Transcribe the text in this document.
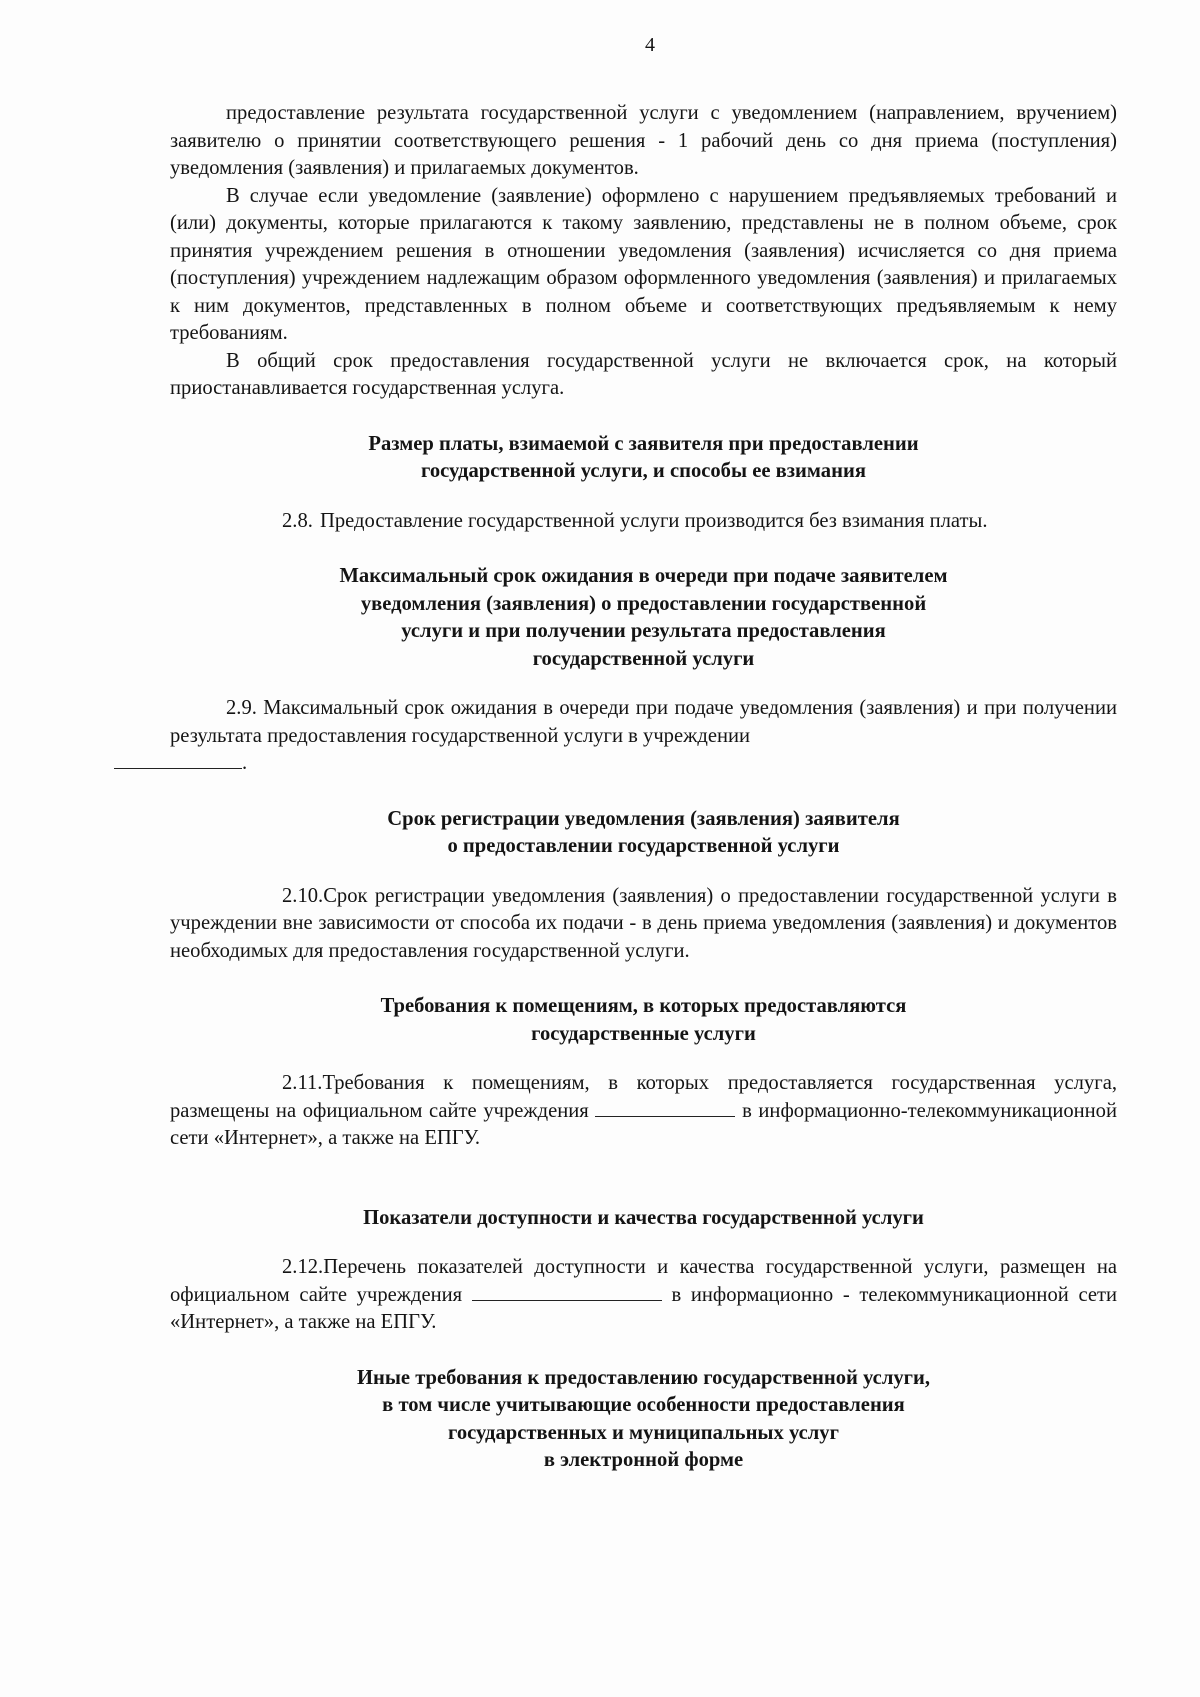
4

предоставление результата государственной услуги с уведомлением (направлением, вручением) заявителю о принятии соответствующего решения - 1 рабочий день со дня приема (поступления) уведомления (заявления) и прилагаемых документов.

В случае если уведомление (заявление) оформлено с нарушением предъявляемых требований и (или) документы, которые прилагаются к такому заявлению, представлены не в полном объеме, срок принятия учреждением решения в отношении уведомления (заявления) исчисляется со дня приема (поступления) учреждением надлежащим образом оформленного уведомления (заявления) и прилагаемых к ним документов, представленных в полном объеме и соответствующих предъявляемым к нему требованиям.

В общий срок предоставления государственной услуги не включается срок, на который приостанавливается государственная услуга.

Размер платы, взимаемой с заявителя при предоставлении
государственной услуги, и способы ее взимания

2.8. Предоставление государственной услуги производится без взимания платы.

Максимальный срок ожидания в очереди при подаче заявителем
уведомления (заявления) о предоставлении государственной
услуги и при получении результата предоставления
государственной услуги

2.9. Максимальный срок ожидания в очереди при подаче уведомления (заявления) и при получении результата предоставления государственной услуги в учреждении
.

Срок регистрации уведомления (заявления) заявителя
о предоставлении государственной услуги

2.10.Срок регистрации уведомления (заявления) о предоставлении государственной услуги в учреждении вне зависимости от способа их подачи - в день приема уведомления (заявления) и документов необходимых для предоставления государственной услуги.

Требования к помещениям, в которых предоставляются
государственные услуги

2.11.Требования к помещениям, в которых предоставляется государственная услуга, размещены на официальном сайте учреждения	в информационно-телекоммуникационной сети «Интернет», а также на ЕПГУ.

Показатели доступности и качества государственной услуги

2.12.Перечень показателей доступности и качества государственной услуги, размещен на официальном сайте учреждения	в информационно - телекоммуникационной сети «Интернет», а также на ЕПГУ.

Иные требования к предоставлению государственной услуги,
в том числе учитывающие особенности предоставления
государственных и муниципальных услуг
в электронной форме
